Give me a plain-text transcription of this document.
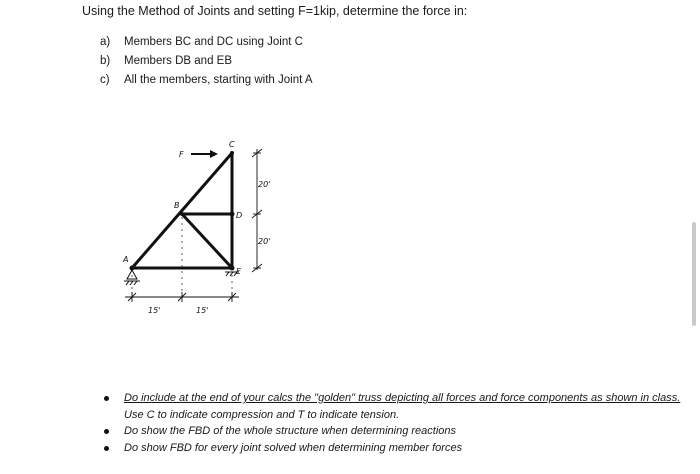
Using the Method of Joints and setting F=1kip, determine the force in:
a) Members BC and DC using Joint C
b) Members DB and EB
c) All the members, starting with Joint A
F
C
B
D
A
E
20'
20'
15'	15'
Do include at the end of your calcs the "golden" truss depicting all forces and force components as shown in class. Use C to indicate compression and T to indicate tension.
Do show the FBD of the whole structure when determining reactions
Do show FBD for every joint solved when determining member forces
